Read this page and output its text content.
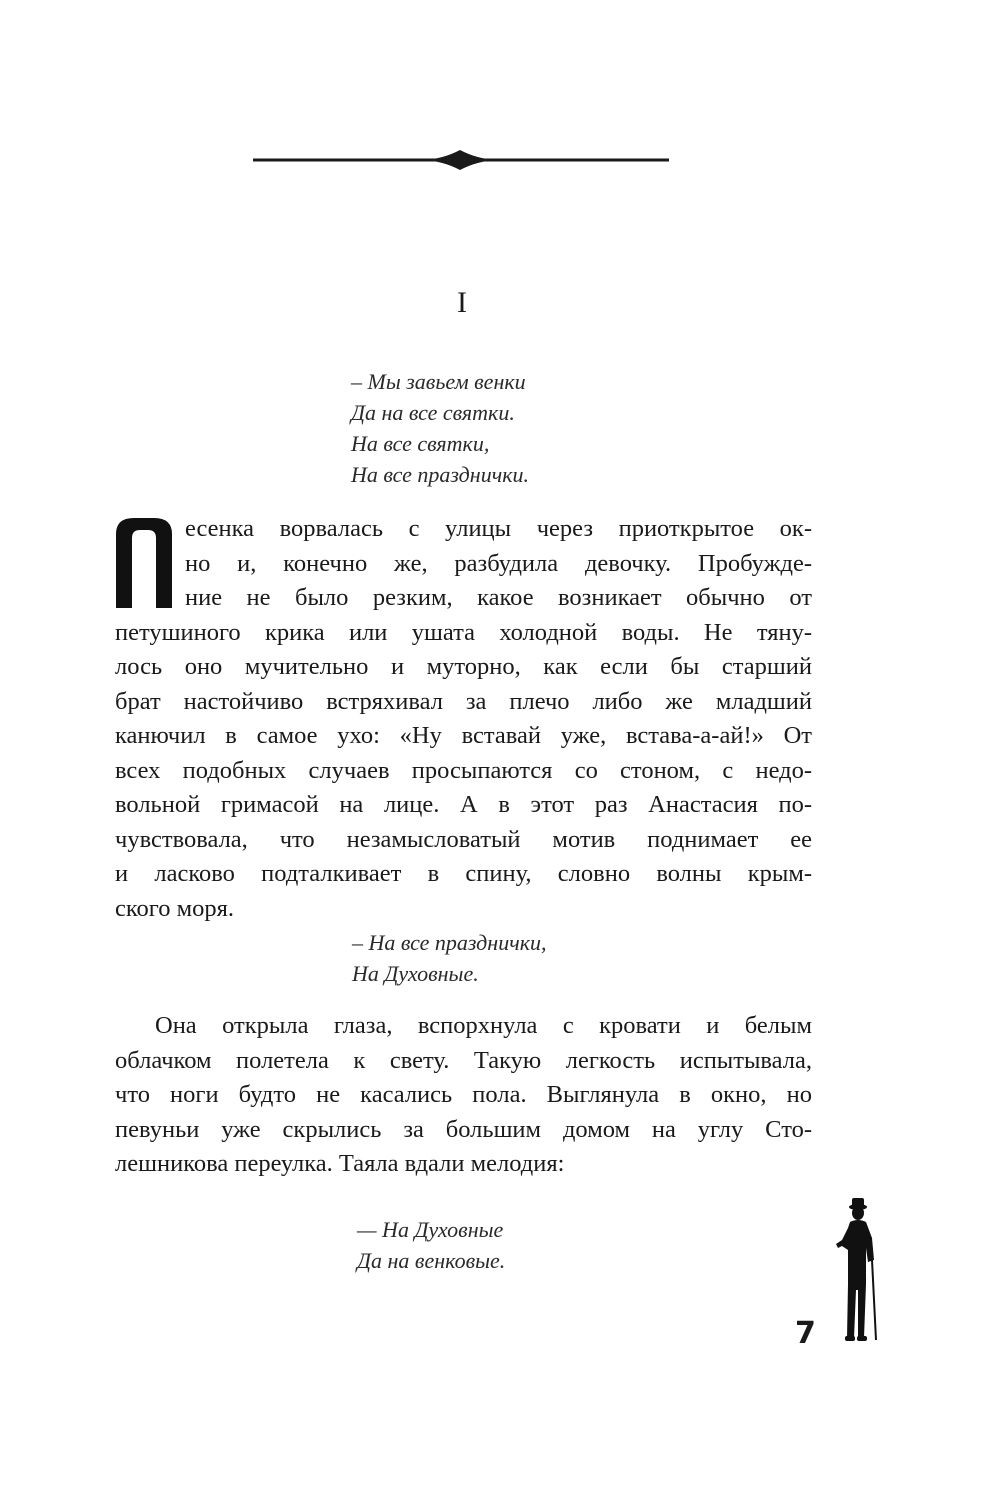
I
– Мы завьем венки
Да на все святки.
На все святки,
На все празднички.
есенка ворвалась с улицы через приоткрытое ок-
но и, конечно же, разбудила девочку. Пробужде-
ние не было резким, какое возникает обычно от
петушиного крика или ушата холодной воды. Не тяну-
лось оно мучительно и муторно, как если бы старший
брат настойчиво встряхивал за плечо либо же младший
канючил в самое ухо: «Ну вставай уже, встава-а-ай!» От
всех подобных случаев просыпаются со стоном, с недо-
вольной гримасой на лице. А в этот раз Анастасия по-
чувствовала, что незамысловатый мотив поднимает ее
и ласково подталкивает в спину, словно волны крым-
ского моря.
– На все празднички,
На Духовные.
Она открыла глаза, вспорхнула с кровати и белым
облачком полетела к свету. Такую легкость испытывала,
что ноги будто не касались пола. Выглянула в окно, но
певуньи уже скрылись за большим домом на углу Сто-
лешникова переулка. Таяла вдали мелодия:
— На Духовные
Да на венковые.
7
